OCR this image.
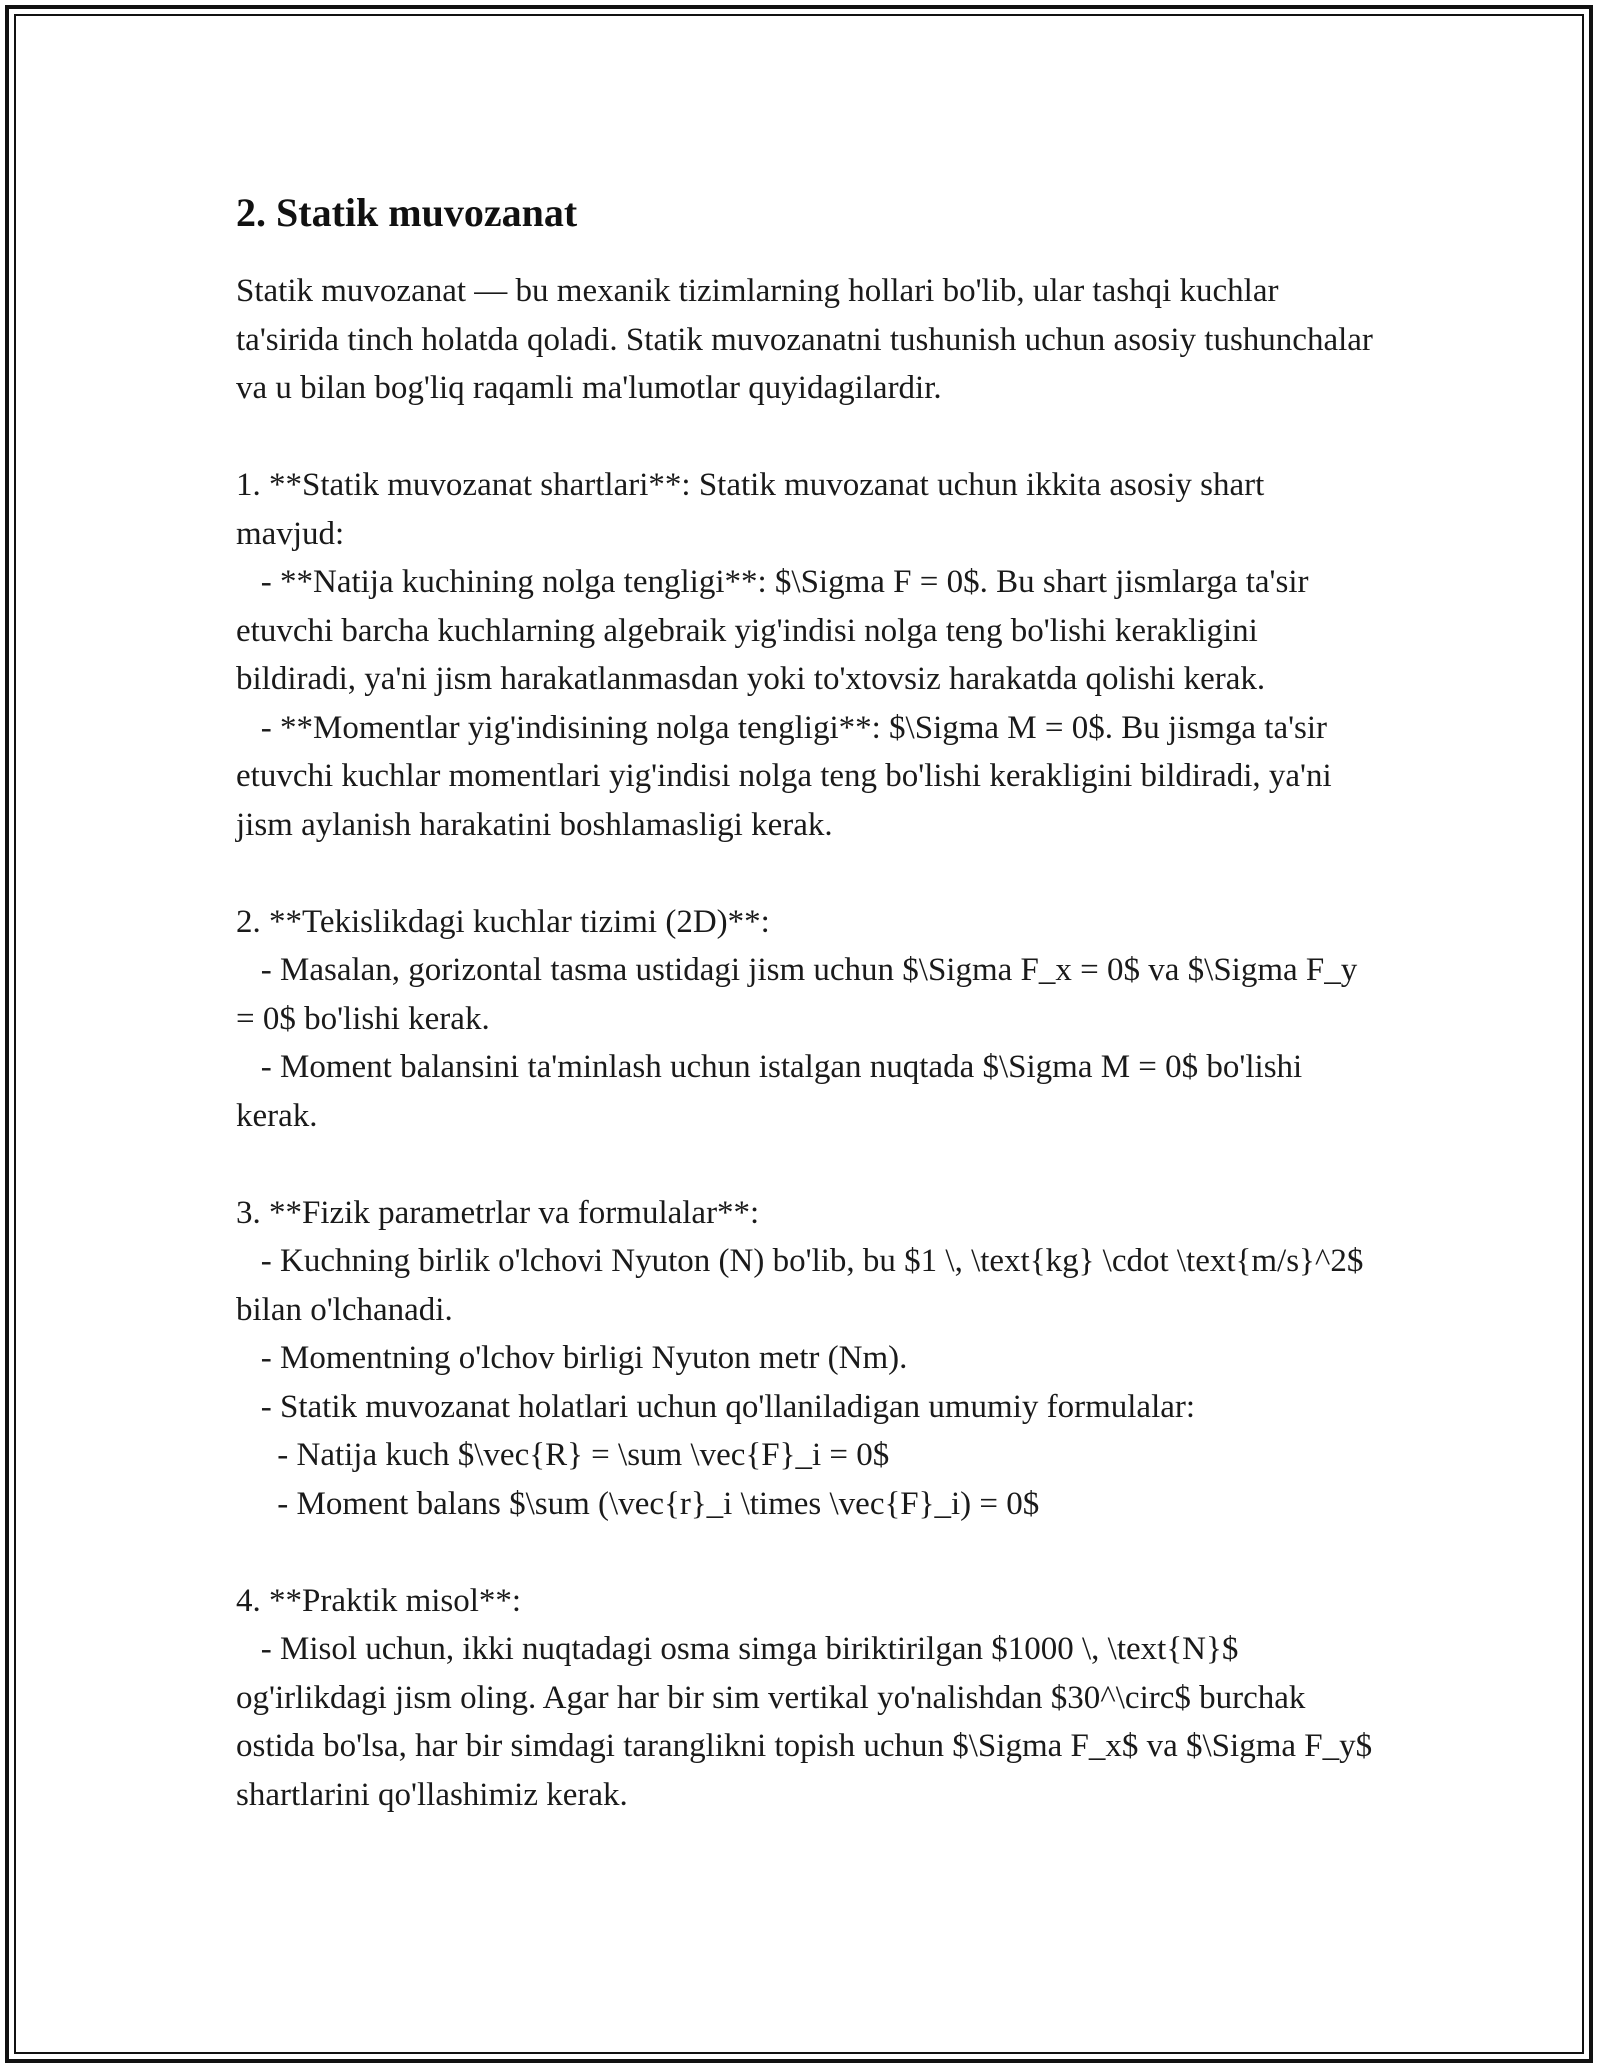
2. Statik muvozanat

Statik muvozanat — bu mexanik tizimlarning hollari bo'lib, ular tashqi kuchlar ta'sirida tinch holatda qoladi. Statik muvozanatni tushunish uchun asosiy tushunchalar va u bilan bog'liq raqamli ma'lumotlar quyidagilardir.

1. **Statik muvozanat shartlari**: Statik muvozanat uchun ikkita asosiy shart mavjud:

- **Natija kuchining nolga tengligi**: $\Sigma F = 0$. Bu shart jismlarga ta'sir etuvchi barcha kuchlarning algebraik yig'indisi nolga teng bo'lishi kerakligini bildiradi, ya'ni jism harakatlanmasdan yoki to'xtovsiz harakatda qolishi kerak.

- **Momentlar yig'indisining nolga tengligi**: $\Sigma M = 0$. Bu jismga ta'sir etuvchi kuchlar momentlari yig'indisi nolga teng bo'lishi kerakligini bildiradi, ya'ni jism aylanish harakatini boshlamasligi kerak.

2. **Tekislikdagi kuchlar tizimi (2D)**:

- Masalan, gorizontal tasma ustidagi jism uchun $\Sigma F_x = 0$ va $\Sigma F_y = 0$ bo'lishi kerak.

- Moment balansini ta'minlash uchun istalgan nuqtada $\Sigma M = 0$ bo'lishi kerak.

3. **Fizik parametrlar va formulalar**:

- Kuchning birlik o'lchovi Nyuton (N) bo'lib, bu $1 \, \text{kg} \cdot \text{m/s}^2$ bilan o'lchanadi.

- Momentning o'lchov birligi Nyuton metr (Nm).

- Statik muvozanat holatlari uchun qo'llaniladigan umumiy formulalar:

- Natija kuch $\vec{R} = \sum \vec{F}_i = 0$

- Moment balans $\sum (\vec{r}_i \times \vec{F}_i) = 0$

4. **Praktik misol**:

- Misol uchun, ikki nuqtadagi osma simga biriktirilgan $1000 \, \text{N}$ og'irlikdagi jism oling. Agar har bir sim vertikal yo'nalishdan $30^\circ$ burchak ostida bo'lsa, har bir simdagi taranglikni topish uchun $\Sigma F_x$ va $\Sigma F_y$ shartlarini qo'llashimiz kerak.
